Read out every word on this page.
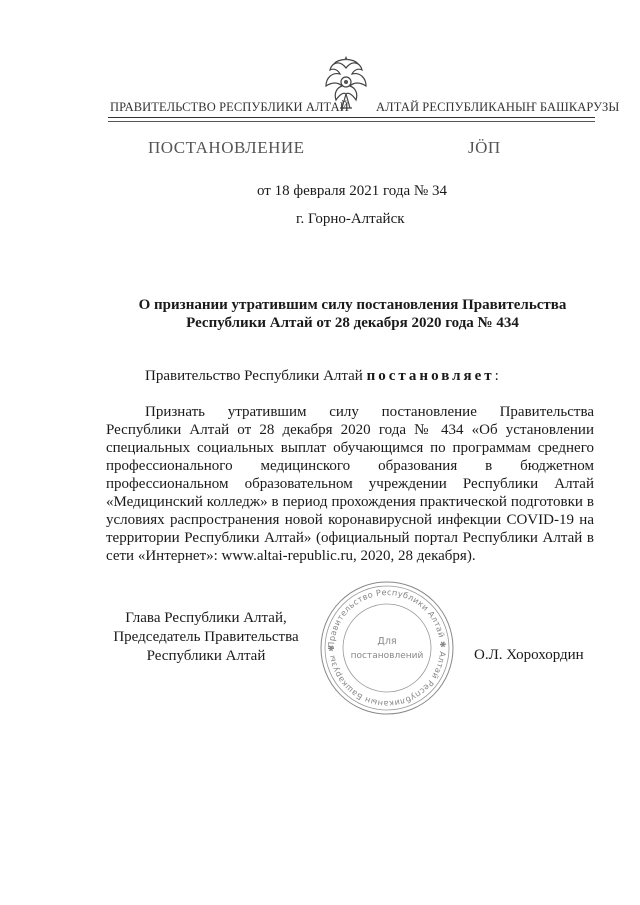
ПРАВИТЕЛЬСТВО РЕСПУБЛИКИ АЛТАЙ АЛТАЙ РЕСПУБЛИКАНЫҤ БАШКАРУЗЫ
ПОСТАНОВЛЕНИЕ	ЈӦП
от 18 февраля 2021 года № 34
г. Горно-Алтайск
О признании утратившим силу постановления Правительства Республики Алтай от 28 декабря 2020 года № 434
Правительство Республики Алтай постановляет:
Признать утратившим силу постановление Правительства Республики Алтай от 28 декабря 2020 года № 434 «Об установлении специальных социальных выплат обучающимся по программам среднего профессионального медицинского образования в бюджетном профессиональном образовательном учреждении Республики Алтай «Медицинский колледж» в период прохождения практической подготовки в условиях распространения новой коронавирусной инфекции COVID-19 на территории Республики Алтай» (официальный портал Республики Алтай в сети «Интернет»: www.altai-republic.ru, 2020, 28 декабря).
Глава Республики Алтай,
Председатель Правительства
Республики Алтай
Правительство Республики Алтай ✱ Алтай Республиканын Башкарузы ✱
Для
постановлений	О.Л. Хорохордин
